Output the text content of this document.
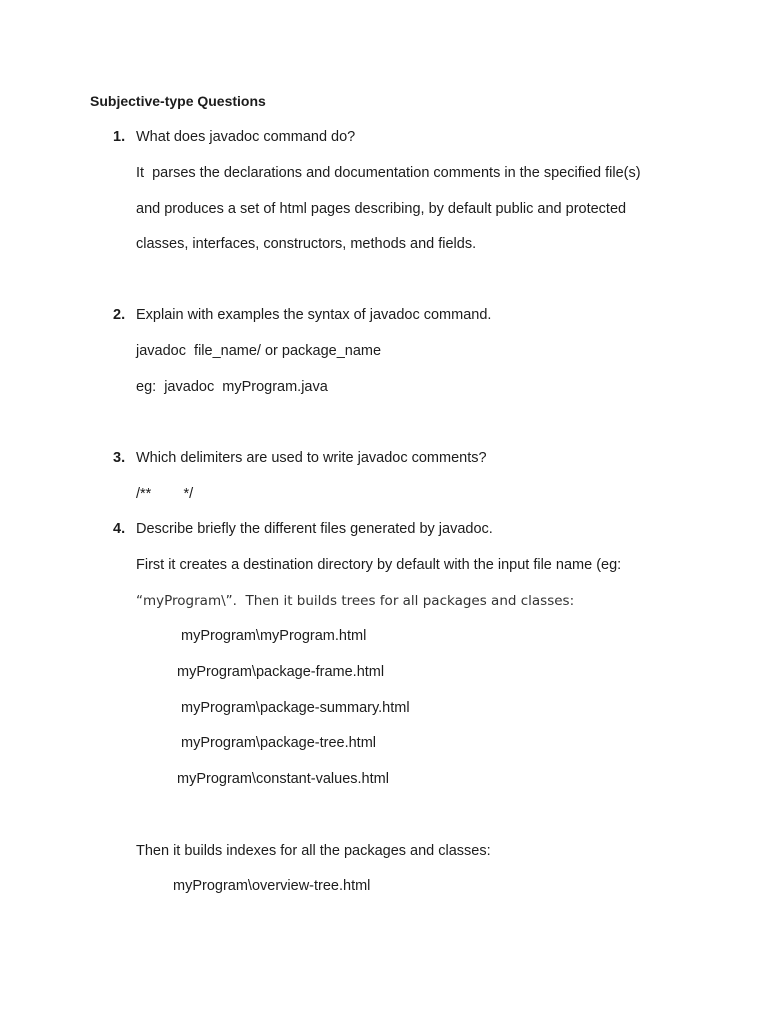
Subjective-type Questions
1. What does javadoc command do?
It  parses the declarations and documentation comments in the specified file(s)
and produces a set of html pages describing, by default public and protected
classes, interfaces, constructors, methods and fields.
2. Explain with examples the syntax of javadoc command.
javadoc  file_name/ or package_name
eg:  javadoc  myProgram.java
3. Which delimiters are used to write javadoc comments?
/**        */
4. Describe briefly the different files generated by javadoc.
First it creates a destination directory by default with the input file name (eg:
“myProgram\”.  Then it builds trees for all packages and classes:
myProgram\myProgram.html
myProgram\package-frame.html
myProgram\package-summary.html
myProgram\package-tree.html
myProgram\constant-values.html
Then it builds indexes for all the packages and classes:
myProgram\overview-tree.html
